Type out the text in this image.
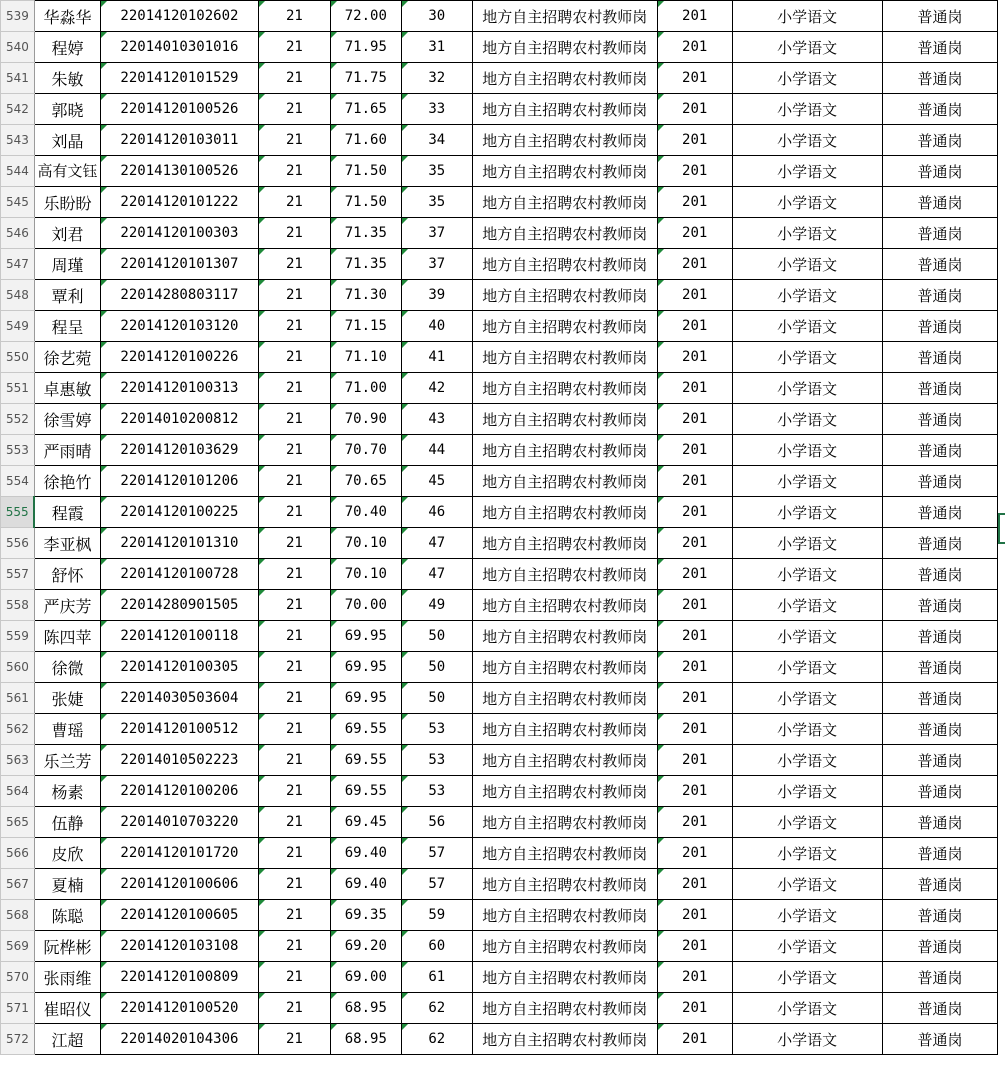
539	华淼华	22014120102602	21	72.00	30	地方自主招聘农村教师岗	201	小学语文	普通岗	
540	程婷	22014010301016	21	71.95	31	地方自主招聘农村教师岗	201	小学语文	普通岗	
541	朱敏	22014120101529	21	71.75	32	地方自主招聘农村教师岗	201	小学语文	普通岗	
542	郭晓	22014120100526	21	71.65	33	地方自主招聘农村教师岗	201	小学语文	普通岗	
543	刘晶	22014120103011	21	71.60	34	地方自主招聘农村教师岗	201	小学语文	普通岗	
544	高有文钰	22014130100526	21	71.50	35	地方自主招聘农村教师岗	201	小学语文	普通岗	
545	乐盼盼	22014120101222	21	71.50	35	地方自主招聘农村教师岗	201	小学语文	普通岗	
546	刘君	22014120100303	21	71.35	37	地方自主招聘农村教师岗	201	小学语文	普通岗	
547	周瑾	22014120101307	21	71.35	37	地方自主招聘农村教师岗	201	小学语文	普通岗	
548	覃利	22014280803117	21	71.30	39	地方自主招聘农村教师岗	201	小学语文	普通岗	
549	程呈	22014120103120	21	71.15	40	地方自主招聘农村教师岗	201	小学语文	普通岗	
550	徐艺菀	22014120100226	21	71.10	41	地方自主招聘农村教师岗	201	小学语文	普通岗	
551	卓惠敏	22014120100313	21	71.00	42	地方自主招聘农村教师岗	201	小学语文	普通岗	
552	徐雪婷	22014010200812	21	70.90	43	地方自主招聘农村教师岗	201	小学语文	普通岗	
553	严雨晴	22014120103629	21	70.70	44	地方自主招聘农村教师岗	201	小学语文	普通岗	
554	徐艳竹	22014120101206	21	70.65	45	地方自主招聘农村教师岗	201	小学语文	普通岗	
555	程霞	22014120100225	21	70.40	46	地方自主招聘农村教师岗	201	小学语文	普通岗	
556	李亚枫	22014120101310	21	70.10	47	地方自主招聘农村教师岗	201	小学语文	普通岗	
557	舒怀	22014120100728	21	70.10	47	地方自主招聘农村教师岗	201	小学语文	普通岗	
558	严庆芳	22014280901505	21	70.00	49	地方自主招聘农村教师岗	201	小学语文	普通岗	
559	陈四苹	22014120100118	21	69.95	50	地方自主招聘农村教师岗	201	小学语文	普通岗	
560	徐微	22014120100305	21	69.95	50	地方自主招聘农村教师岗	201	小学语文	普通岗	
561	张婕	22014030503604	21	69.95	50	地方自主招聘农村教师岗	201	小学语文	普通岗	
562	曹瑶	22014120100512	21	69.55	53	地方自主招聘农村教师岗	201	小学语文	普通岗	
563	乐兰芳	22014010502223	21	69.55	53	地方自主招聘农村教师岗	201	小学语文	普通岗	
564	杨素	22014120100206	21	69.55	53	地方自主招聘农村教师岗	201	小学语文	普通岗	
565	伍静	22014010703220	21	69.45	56	地方自主招聘农村教师岗	201	小学语文	普通岗	
566	皮欣	22014120101720	21	69.40	57	地方自主招聘农村教师岗	201	小学语文	普通岗	
567	夏楠	22014120100606	21	69.40	57	地方自主招聘农村教师岗	201	小学语文	普通岗	
568	陈聪	22014120100605	21	69.35	59	地方自主招聘农村教师岗	201	小学语文	普通岗	
569	阮桦彬	22014120103108	21	69.20	60	地方自主招聘农村教师岗	201	小学语文	普通岗	
570	张雨维	22014120100809	21	69.00	61	地方自主招聘农村教师岗	201	小学语文	普通岗	
571	崔昭仪	22014120100520	21	68.95	62	地方自主招聘农村教师岗	201	小学语文	普通岗	
572	江超	22014020104306	21	68.95	62	地方自主招聘农村教师岗	201	小学语文	普通岗	
